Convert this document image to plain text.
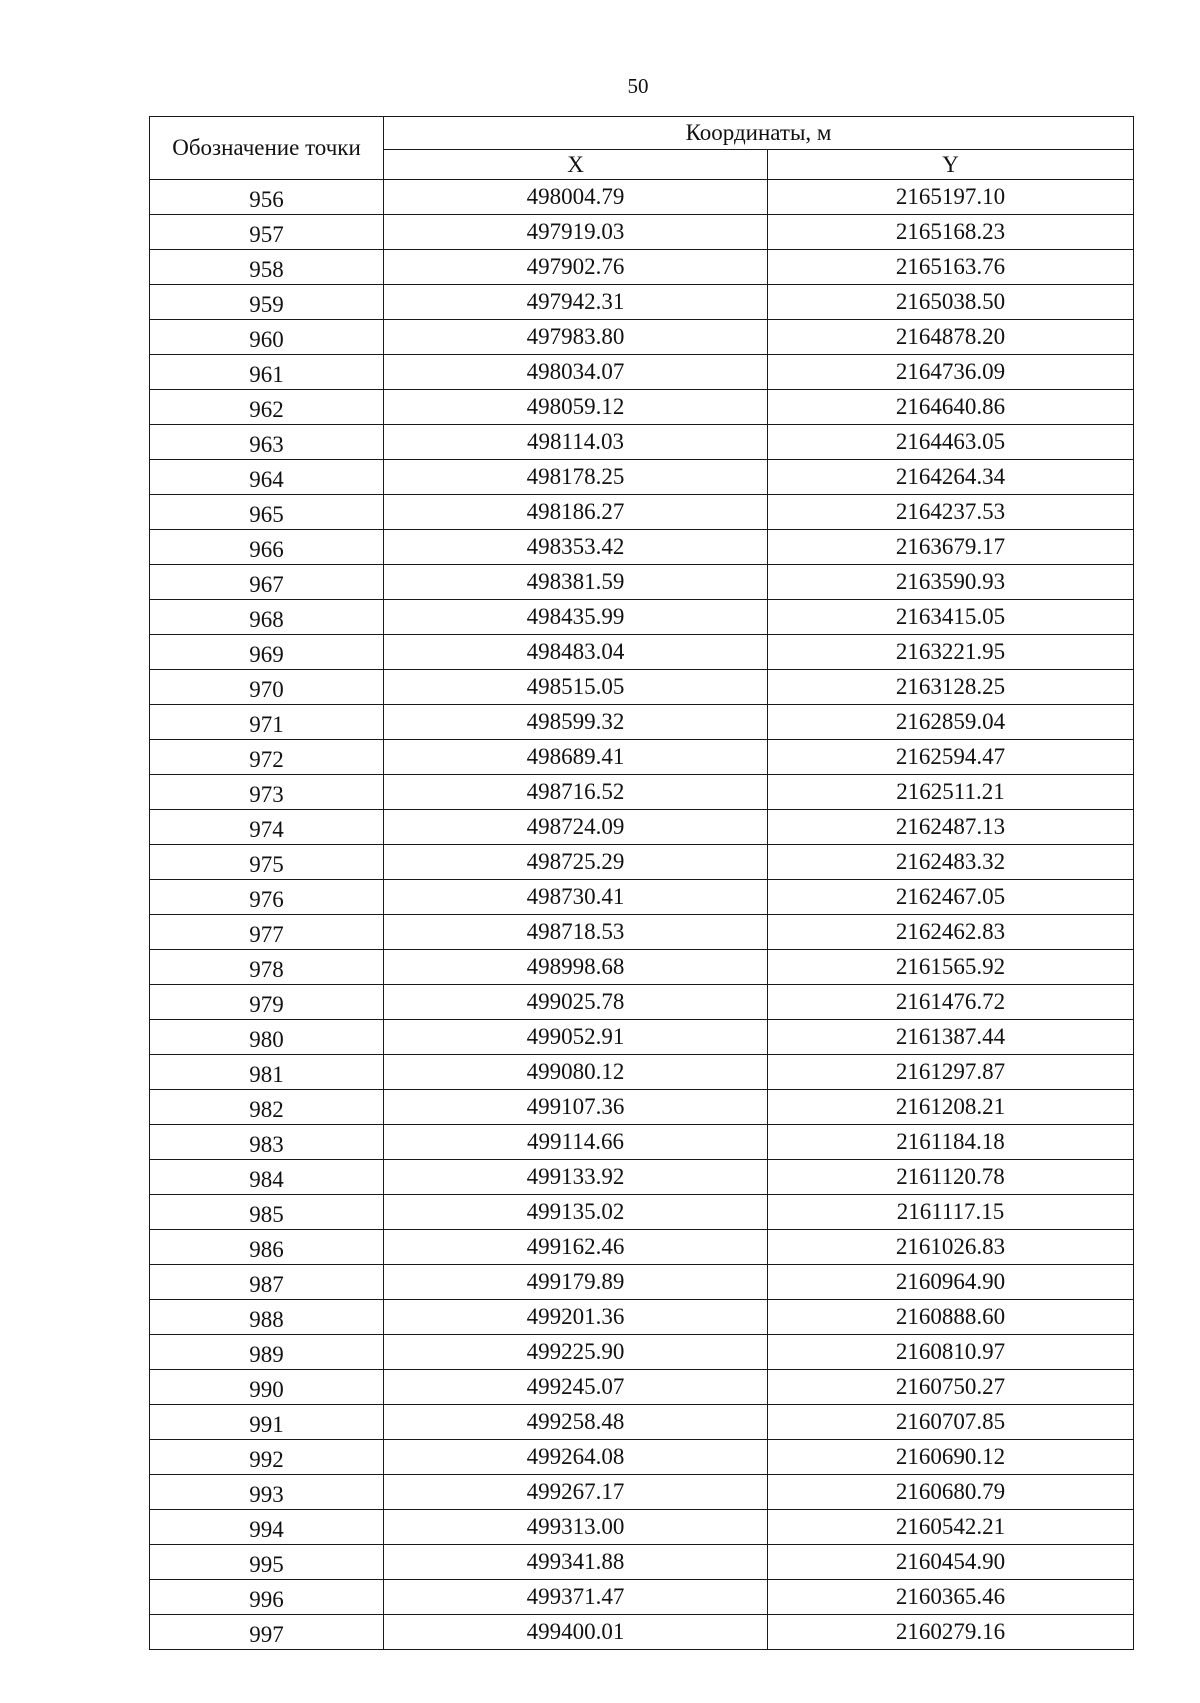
50
Обозначение точки	Координаты, м	
	X	Y
956	498004.79	2165197.10
957	497919.03	2165168.23
958	497902.76	2165163.76
959	497942.31	2165038.50
960	497983.80	2164878.20
961	498034.07	2164736.09
962	498059.12	2164640.86
963	498114.03	2164463.05
964	498178.25	2164264.34
965	498186.27	2164237.53
966	498353.42	2163679.17
967	498381.59	2163590.93
968	498435.99	2163415.05
969	498483.04	2163221.95
970	498515.05	2163128.25
971	498599.32	2162859.04
972	498689.41	2162594.47
973	498716.52	2162511.21
974	498724.09	2162487.13
975	498725.29	2162483.32
976	498730.41	2162467.05
977	498718.53	2162462.83
978	498998.68	2161565.92
979	499025.78	2161476.72
980	499052.91	2161387.44
981	499080.12	2161297.87
982	499107.36	2161208.21
983	499114.66	2161184.18
984	499133.92	2161120.78
985	499135.02	2161117.15
986	499162.46	2161026.83
987	499179.89	2160964.90
988	499201.36	2160888.60
989	499225.90	2160810.97
990	499245.07	2160750.27
991	499258.48	2160707.85
992	499264.08	2160690.12
993	499267.17	2160680.79
994	499313.00	2160542.21
995	499341.88	2160454.90
996	499371.47	2160365.46
997	499400.01	2160279.16
